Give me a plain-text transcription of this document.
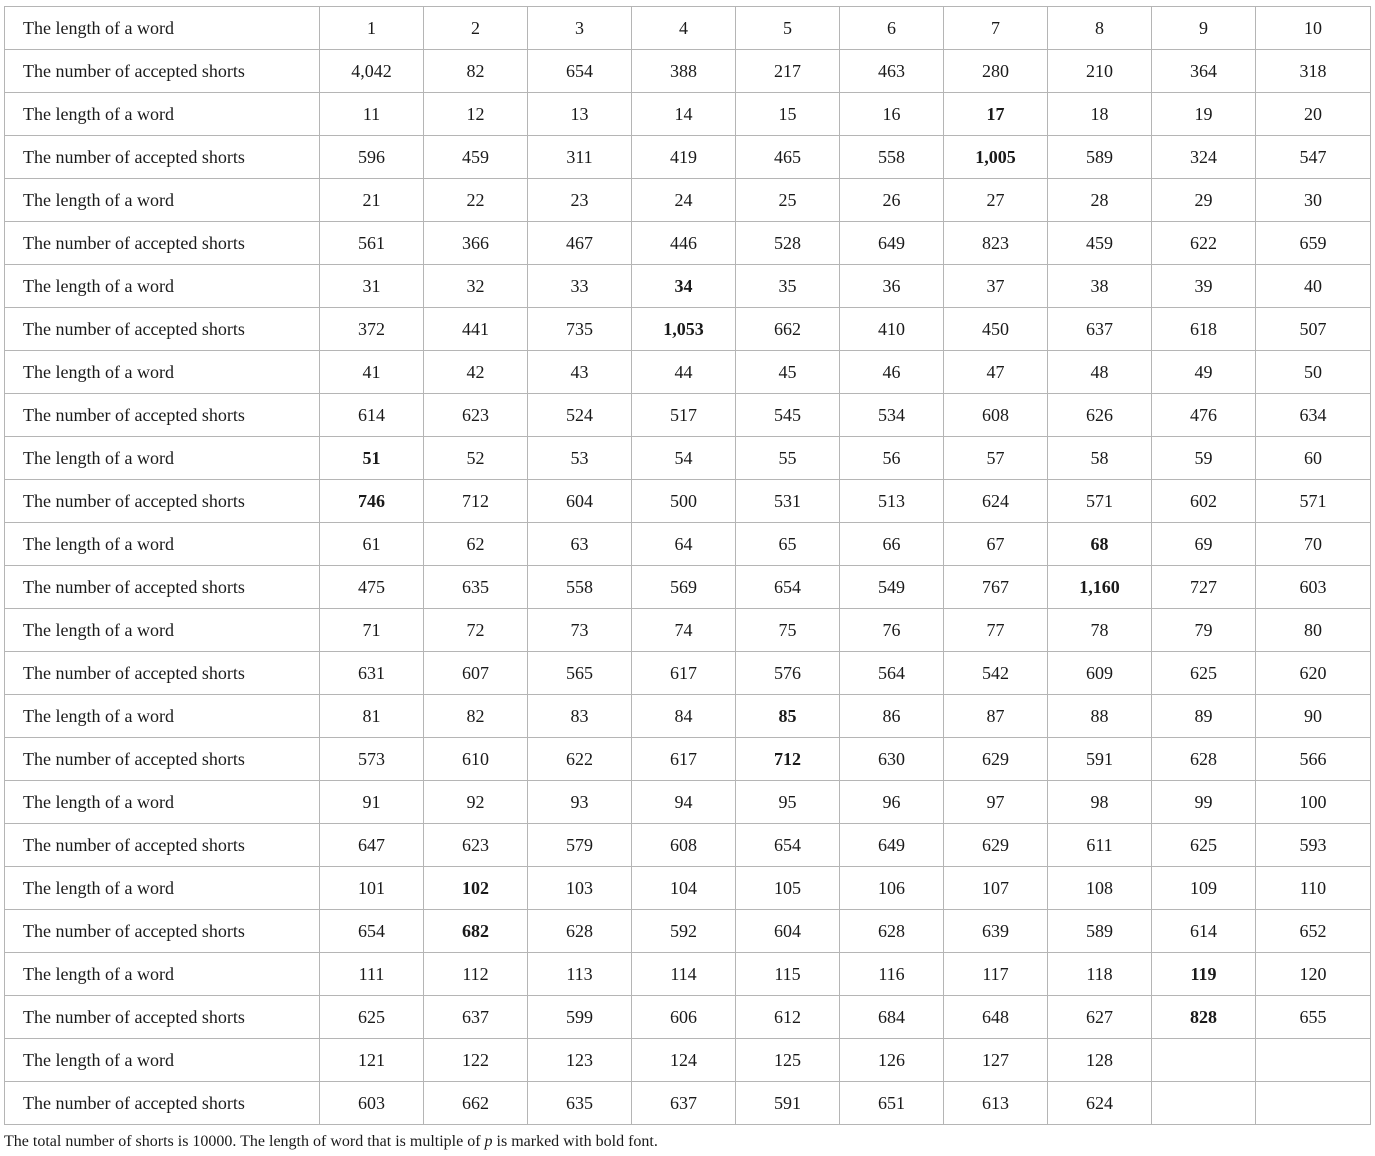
The length of a word	1	2	3	4	5	6	7	8	9	10
The number of accepted shorts	4,042	82	654	388	217	463	280	210	364	318
The length of a word	11	12	13	14	15	16	17	18	19	20
The number of accepted shorts	596	459	311	419	465	558	1,005	589	324	547
The length of a word	21	22	23	24	25	26	27	28	29	30
The number of accepted shorts	561	366	467	446	528	649	823	459	622	659
The length of a word	31	32	33	34	35	36	37	38	39	40
The number of accepted shorts	372	441	735	1,053	662	410	450	637	618	507
The length of a word	41	42	43	44	45	46	47	48	49	50
The number of accepted shorts	614	623	524	517	545	534	608	626	476	634
The length of a word	51	52	53	54	55	56	57	58	59	60
The number of accepted shorts	746	712	604	500	531	513	624	571	602	571
The length of a word	61	62	63	64	65	66	67	68	69	70
The number of accepted shorts	475	635	558	569	654	549	767	1,160	727	603
The length of a word	71	72	73	74	75	76	77	78	79	80
The number of accepted shorts	631	607	565	617	576	564	542	609	625	620
The length of a word	81	82	83	84	85	86	87	88	89	90
The number of accepted shorts	573	610	622	617	712	630	629	591	628	566
The length of a word	91	92	93	94	95	96	97	98	99	100
The number of accepted shorts	647	623	579	608	654	649	629	611	625	593
The length of a word	101	102	103	104	105	106	107	108	109	110
The number of accepted shorts	654	682	628	592	604	628	639	589	614	652
The length of a word	111	112	113	114	115	116	117	118	119	120
The number of accepted shorts	625	637	599	606	612	684	648	627	828	655
The length of a word	121	122	123	124	125	126	127	128		
The number of accepted shorts	603	662	635	637	591	651	613	624		
The total number of shorts is 10000. The length of word that is multiple of p is marked with bold font.
